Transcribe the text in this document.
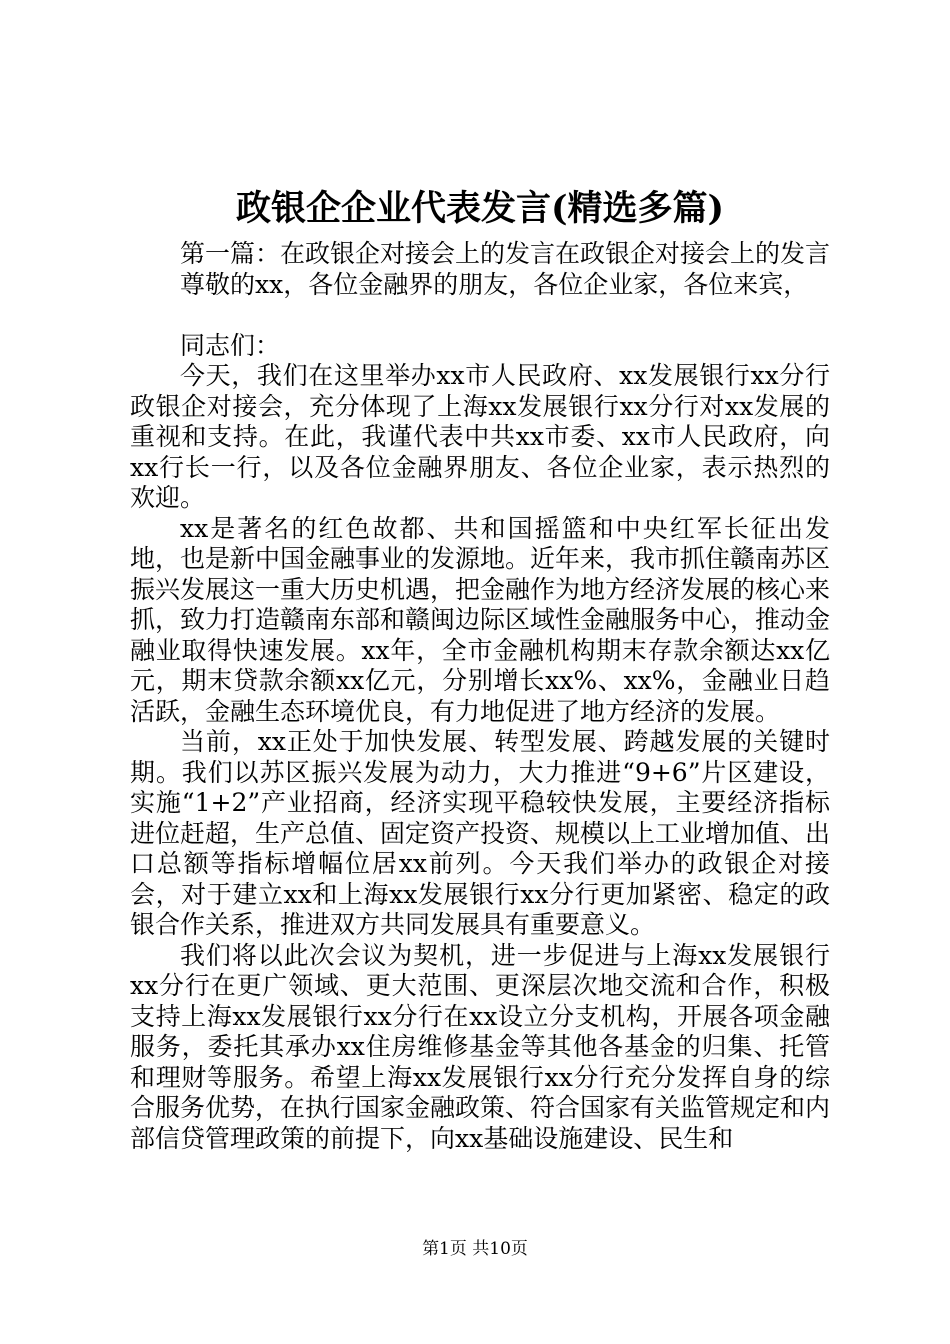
政银企企业代表发言(精选多篇)

第一篇：在政银企对接会上的发言在政银企对接会上的发言

尊敬的xx，各位金融界的朋友，各位企业家，各位来宾，

同志们：

今天，我们在这里举办xx市人民政府、xx发展银行xx分行政银企对接会，充分体现了上海xx发展银行xx分行对xx发展的重视和支持。在此，我谨代表中共xx市委、xx市人民政府，向xx行长一行，以及各位金融界朋友、各位企业家，表示热烈的欢迎。

xx是著名的红色故都、共和国摇篮和中央红军长征出发地，也是新中国金融事业的发源地。近年来，我市抓住赣南苏区振兴发展这一重大历史机遇，把金融作为地方经济发展的核心来抓，致力打造赣南东部和赣闽边际区域性金融服务中心，推动金融业取得快速发展。xx年，全市金融机构期末存款余额达xx亿元，期末贷款余额xx亿元，分别增长xx%、xx%，金融业日趋活跃，金融生态环境优良，有力地促进了地方经济的发展。

当前，xx正处于加快发展、转型发展、跨越发展的关键时期。我们以苏区振兴发展为动力，大力推进“9+6”片区建设，实施“1+2”产业招商，经济实现平稳较快发展，主要经济指标进位赶超，生产总值、固定资产投资、规模以上工业增加值、出口总额等指标增幅位居xx前列。今天我们举办的政银企对接会，对于建立xx和上海xx发展银行xx分行更加紧密、稳定的政银合作关系，推进双方共同发展具有重要意义。

我们将以此次会议为契机，进一步促进与上海xx发展银行xx分行在更广领域、更大范围、更深层次地交流和合作，积极支持上海xx发展银行xx分行在xx设立分支机构，开展各项金融服务，委托其承办xx住房维修基金等其他各基金的归集、托管和理财等服务。希望上海xx发展银行xx分行充分发挥自身的综合服务优势，在执行国家金融政策、符合国家有关监管规定和内部信贷管理政策的前提下，向xx基础设施建设、民生和

第1页 共10页
